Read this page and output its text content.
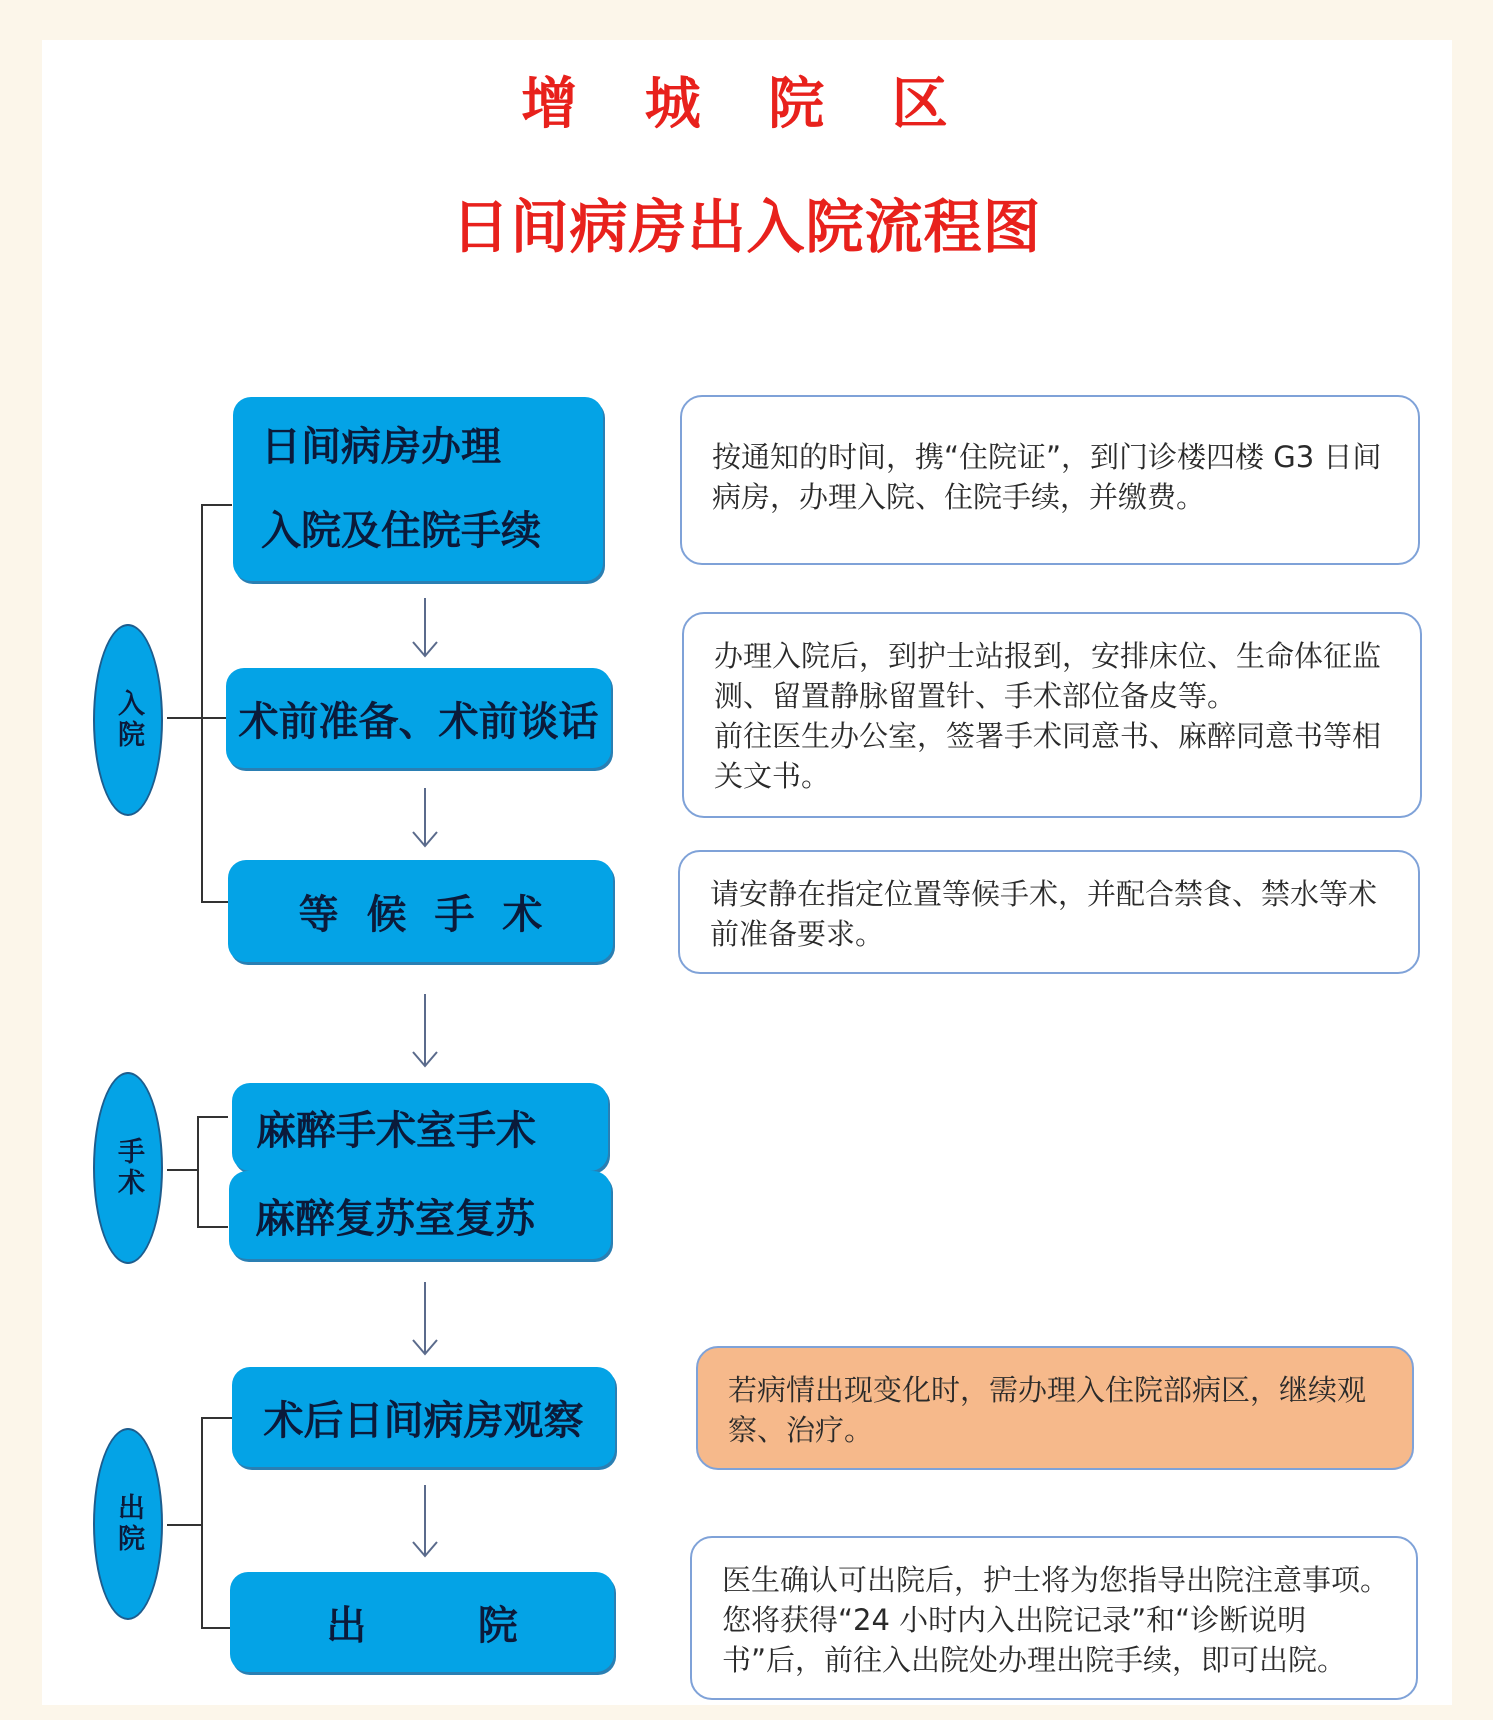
增 城 院 区
日间病房出入院流程图
入院
手术
出院
日间病房办理
入院及住院手续
术前准备、术前谈话
等 候 手 术
麻醉手术室手术
麻醉复苏室复苏
术后日间病房观察
出        院
按通知的时间，携“住院证”，到门诊楼四楼 G3 日间病房，办理入院、住院手续，并缴费。
办理入院后，到护士站报到，安排床位、生命体征监测、留置静脉留置针、手术部位备皮等。
前往医生办公室，签署手术同意书、麻醉同意书等相关文书。
请安静在指定位置等候手术，并配合禁食、禁水等术前准备要求。
若病情出现变化时，需办理入住院部病区，继续观察、治疗。
医生确认可出院后，护士将为您指导出院注意事项。您将获得“24 小时内入出院记录”和“诊断说明书”后，前往入出院处办理出院手续，即可出院。
